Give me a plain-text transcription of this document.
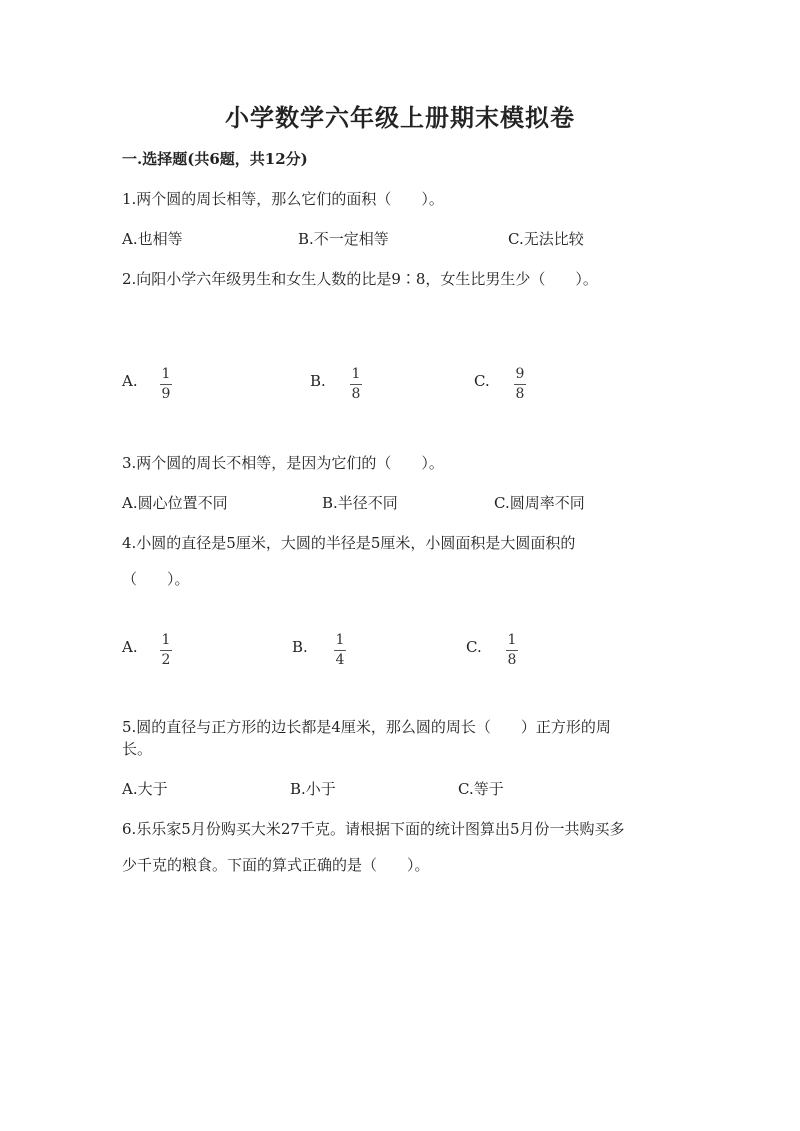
小学数学六年级上册期末模拟卷
一.选择题(共6题，共12分)
1.两个圆的周长相等，那么它们的面积（　　）。
A.也相等	B.不一定相等	C.无法比较
2.向阳小学六年级男生和女生人数的比是9∶8，女生比男生少（　　）。
A. 1
9
B. 1
8
C. 9
8
3.两个圆的周长不相等，是因为它们的（　　）。
A.圆心位置不同	B.半径不同	C.圆周率不同
4.小圆的直径是5厘米，大圆的半径是5厘米，小圆面积是大圆面积的
（　　）。
A. 1
2
B. 1
4
C. 1
8
5.圆的直径与正方形的边长都是4厘米，那么圆的周长（　　）正方形的周
长。
A.大于	B.小于	C.等于
6.乐乐家5月份购买大米27千克。请根据下面的统计图算出5月份一共购买多
少千克的粮食。下面的算式正确的是（　　）。
